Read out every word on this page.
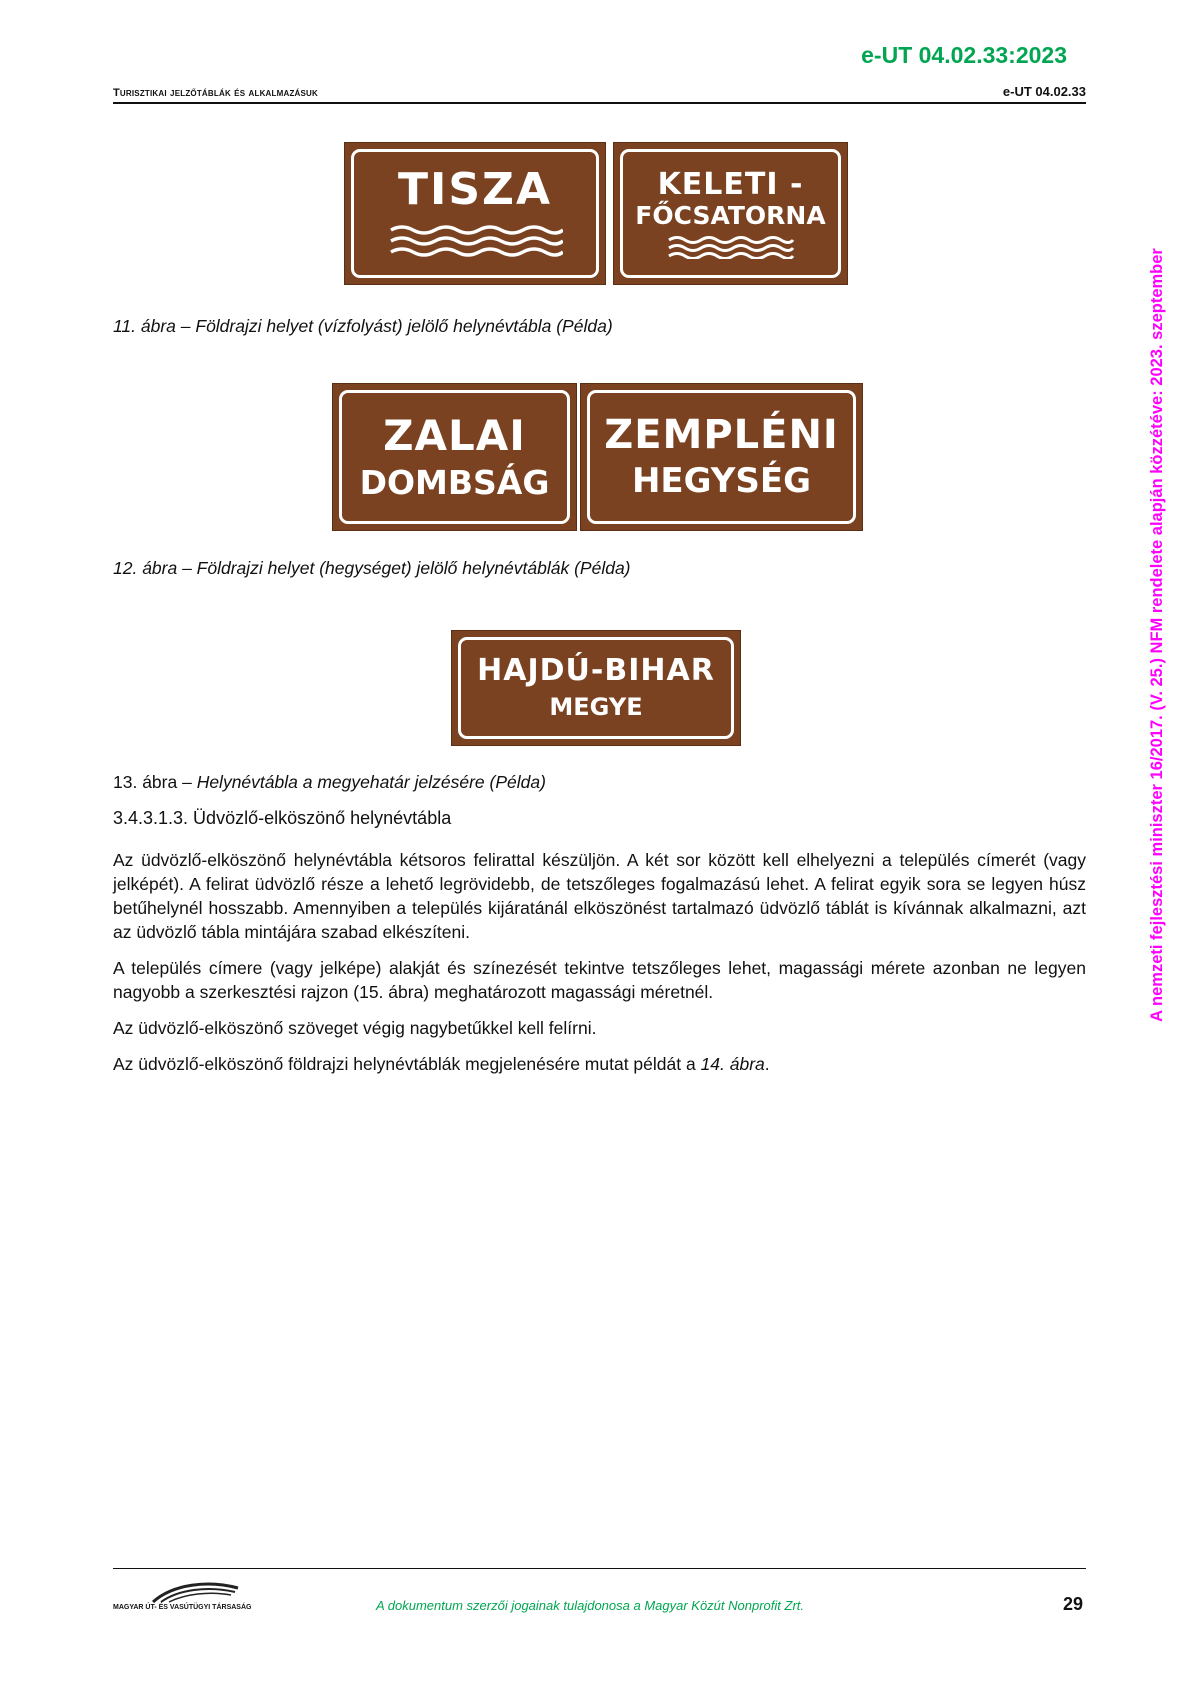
e-UT 04.02.33:2023
Turisztikai jelzőtáblák és alkalmazásuk	e-UT 04.02.33
A nemzeti fejlesztési miniszter 16/2017. (V. 25.) NFM rendelete alapján közzétéve: 2023. szeptember
TISZA	KELETI -
FŐCSATORNA
11. ábra – Földrajzi helyet (vízfolyást) jelölő helynévtábla (Példa)
ZALAI
DOMBSÁG
ZEMPLÉNI
HEGYSÉG
12. ábra – Földrajzi helyet (hegységet) jelölő helynévtáblák (Példa)
HAJDÚ-BIHAR
MEGYE
13. ábra – Helynévtábla a megyehatár jelzésére (Példa)
3.4.3.1.3. Üdvözlő-elköszönő helynévtábla

Az üdvözlő-elköszönő helynévtábla kétsoros felirattal készüljön. A két sor között kell elhelyezni a település címerét (vagy jelképét). A felirat üdvözlő része a lehető legrövidebb, de tetszőleges fogalmazású lehet. A felirat egyik sora se legyen húsz betűhelynél hosszabb. Amennyiben a település kijáratánál elköszönést tartalmazó üdvözlő táblát is kívánnak alkalmazni, azt az üdvözlő tábla mintájára szabad elkészíteni.

A település címere (vagy jelképe) alakját és színezését tekintve tetszőleges lehet, magassági mérete azonban ne legyen nagyobb a szerkesztési rajzon (15. ábra) meghatározott magassági méretnél.

Az üdvözlő-elköszönő szöveget végig nagybetűkkel kell felírni.

Az üdvözlő-elköszönő földrajzi helynévtáblák megjelenésére mutat példát a 14. ábra.

MAGYAR ÚT- ÉS VASÚTÜGYI TÁRSASÁG	A dokumentum szerzői jogainak tulajdonosa a Magyar Közút Nonprofit Zrt.	29
